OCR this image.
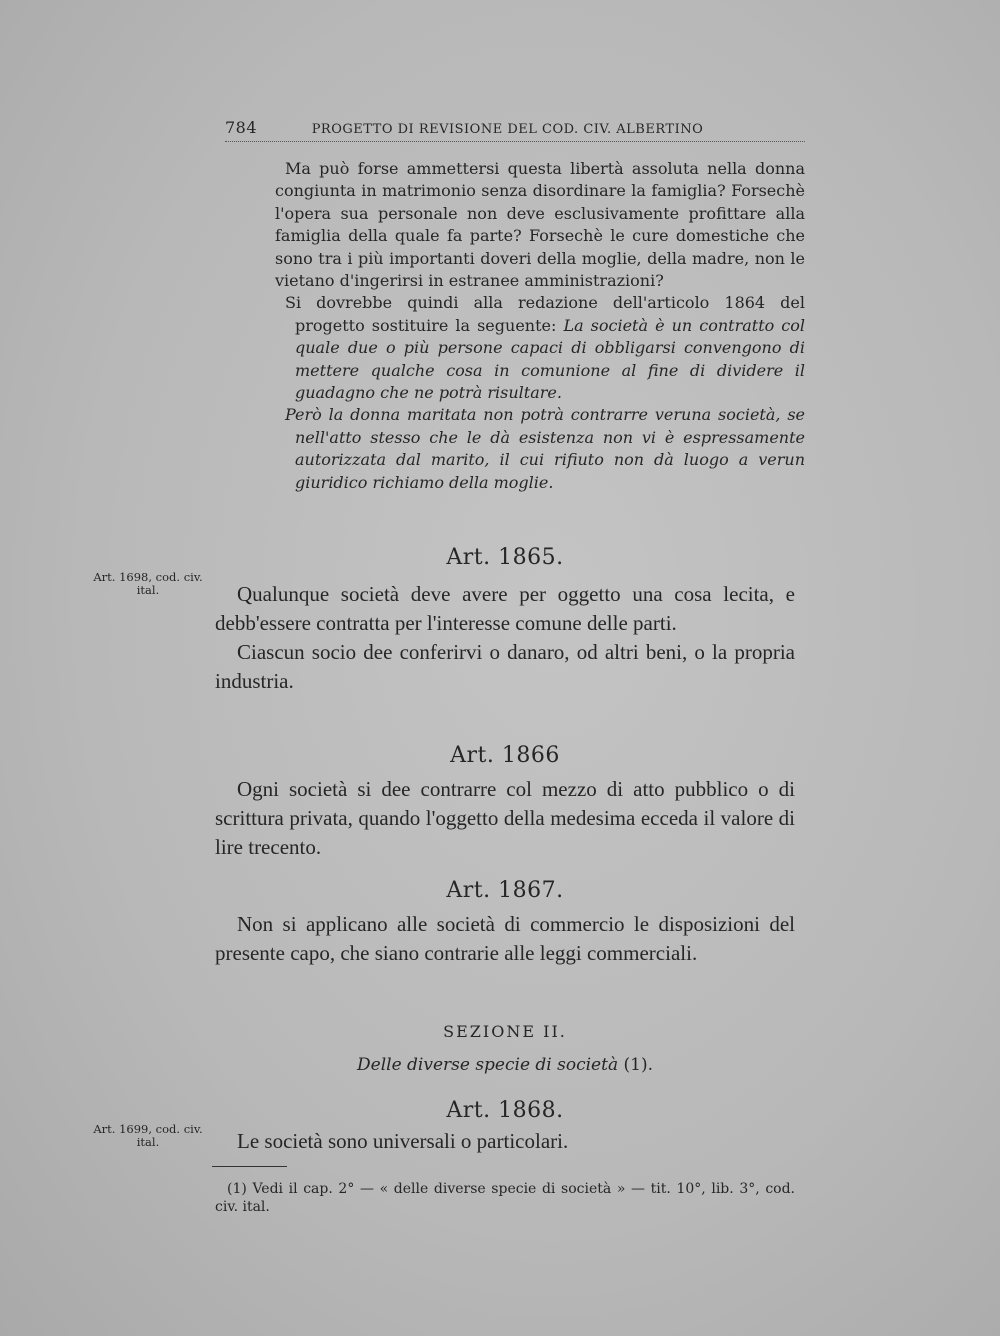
784	PROGETTO DI REVISIONE DEL COD. CIV. ALBERTINO

Ma può forse ammettersi questa libertà assoluta nella donna congiunta in matrimonio senza disordinare la famiglia? Forsechè l'opera sua personale non deve esclusivamente profittare alla famiglia della quale fa parte? Forsechè le cure domestiche che sono tra i più importanti doveri della moglie, della madre, non le vietano d'ingerirsi in estranee amministrazioni?

Si dovrebbe quindi alla redazione dell'articolo 1864 del progetto sostituire la seguente: La società è un contratto col quale due o più persone capaci di obbligarsi convengono di mettere qualche cosa in comunione al fine di dividere il guadagno che ne potrà risultare.

Però la donna maritata non potrà contrarre veruna società, se nell'atto stesso che le dà esistenza non vi è espressamente autorizzata dal marito, il cui rifiuto non dà luogo a verun giuridico richiamo della moglie.

Art. 1698, cod. civ. ital.
Art. 1865.

Qualunque società deve avere per oggetto una cosa lecita, e debb'essere contratta per l'interesse comune delle parti.

Ciascun socio dee conferirvi o danaro, od altri beni, o la propria industria.

Art. 1866

Ogni società si dee contrarre col mezzo di atto pubblico o di scrittura privata, quando l'oggetto della medesima ecceda il valore di lire trecento.

Art. 1867.

Non si applicano alle società di commercio le disposizioni del presente capo, che siano contrarie alle leggi commerciali.

SEZIONE II.
Delle diverse specie di società (1).
Art. 1699, cod. civ. ital.
Art. 1868.

Le società sono universali o particolari.

(1) Vedi il cap. 2° — « delle diverse specie di società » — tit. 10°, lib. 3°, cod. civ. ital.
